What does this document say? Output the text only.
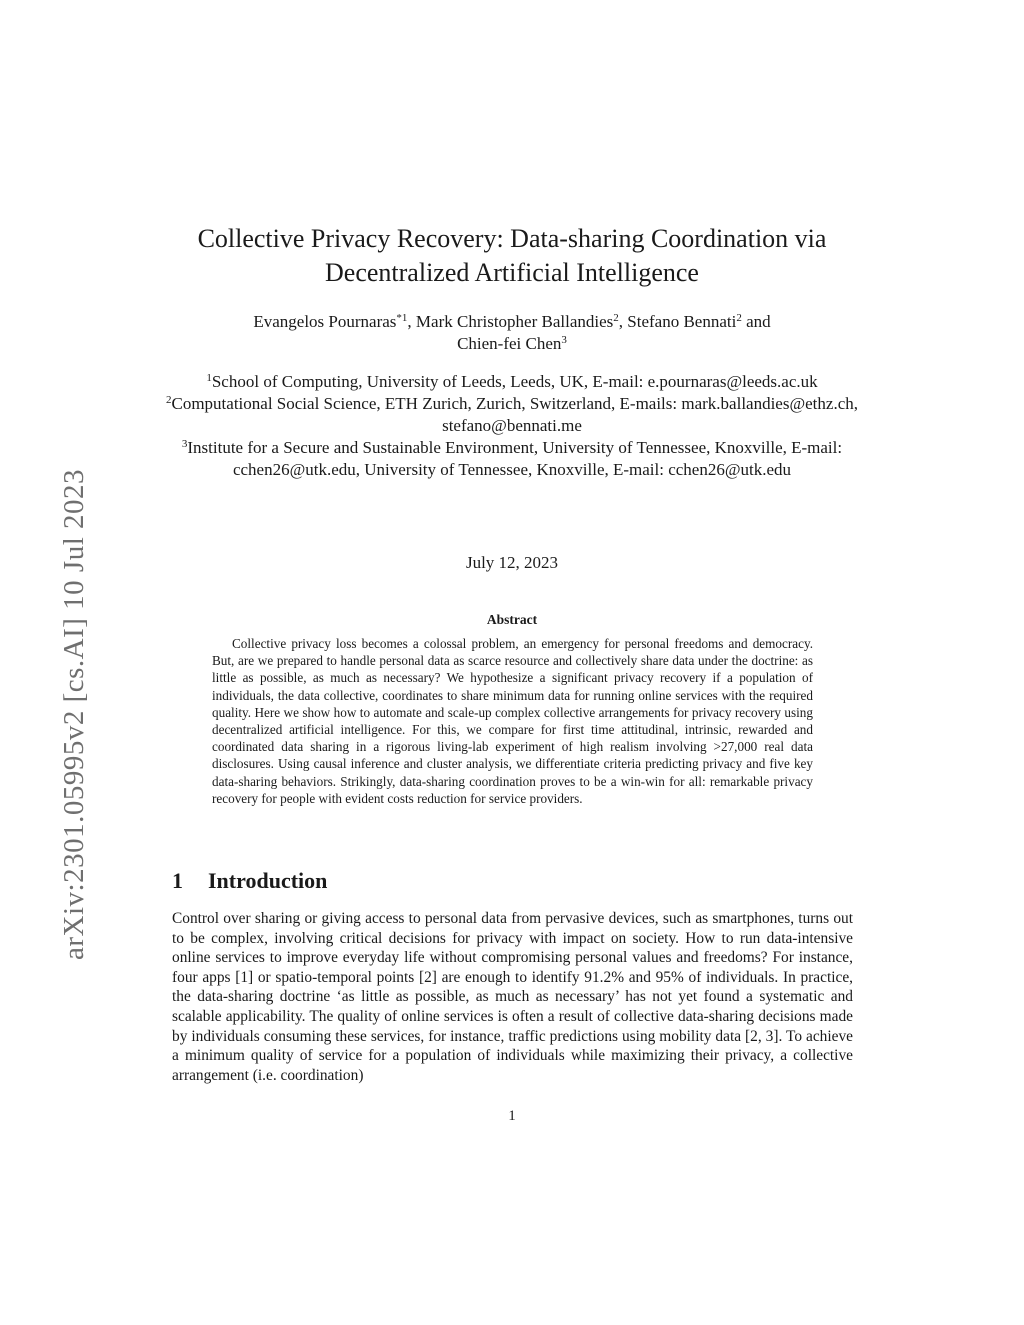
arXiv:2301.05995v2 [cs.AI] 10 Jul 2023
Collective Privacy Recovery: Data-sharing Coordination via
Decentralized Artificial Intelligence
Evangelos Pournaras$^{*1}$, Mark Christopher Ballandies$^2$, Stefano Bennati$^2$ and
Chien-fei Chen$^3$
$^1$School of Computing, University of Leeds, Leeds, UK, E-mail: e.pournaras@leeds.ac.uk
$^2$Computational Social Science, ETH Zurich, Zurich, Switzerland, E-mails: mark.ballandies@ethz.ch, stefano@bennati.me
$^3$Institute for a Secure and Sustainable Environment, University of Tennessee, Knoxville, E-mail: cchen26@utk.edu, University of Tennessee, Knoxville, E-mail: cchen26@utk.edu
July 12, 2023
Abstract
Collective privacy loss becomes a colossal problem, an emergency for personal freedoms and democracy. But, are we prepared to handle personal data as scarce resource and collectively share data under the doctrine: as little as possible, as much as necessary? We hypothesize a significant privacy recovery if a population of individuals, the data collective, coordinates to share minimum data for running online services with the required quality. Here we show how to automate and scale-up complex collective arrangements for privacy recovery using decentralized artificial intelligence. For this, we compare for first time attitudinal, intrinsic, rewarded and coordinated data sharing in a rigorous living-lab experiment of high realism involving >27,000 real data disclosures. Using causal inference and cluster analysis, we differentiate criteria predicting privacy and five key data-sharing behaviors. Strikingly, data-sharing coordination proves to be a win-win for all: remarkable privacy recovery for people with evident costs reduction for service providers.
1 Introduction
Control over sharing or giving access to personal data from pervasive devices, such as smartphones, turns out to be complex, involving critical decisions for privacy with impact on society. How to run data-intensive online services to improve everyday life without compromising personal values and freedoms? For instance, four apps [1] or spatio-temporal points [2] are enough to identify 91.2% and 95% of individuals. In practice, the data-sharing doctrine ‘as little as possible, as much as necessary’ has not yet found a systematic and scalable applicability. The quality of online services is often a result of collective data-sharing decisions made by individuals consuming these services, for instance, traffic predictions using mobility data [2, 3]. To achieve a minimum quality of service for a population of individuals while maximizing their privacy, a collective arrangement (i.e. coordination)
1
